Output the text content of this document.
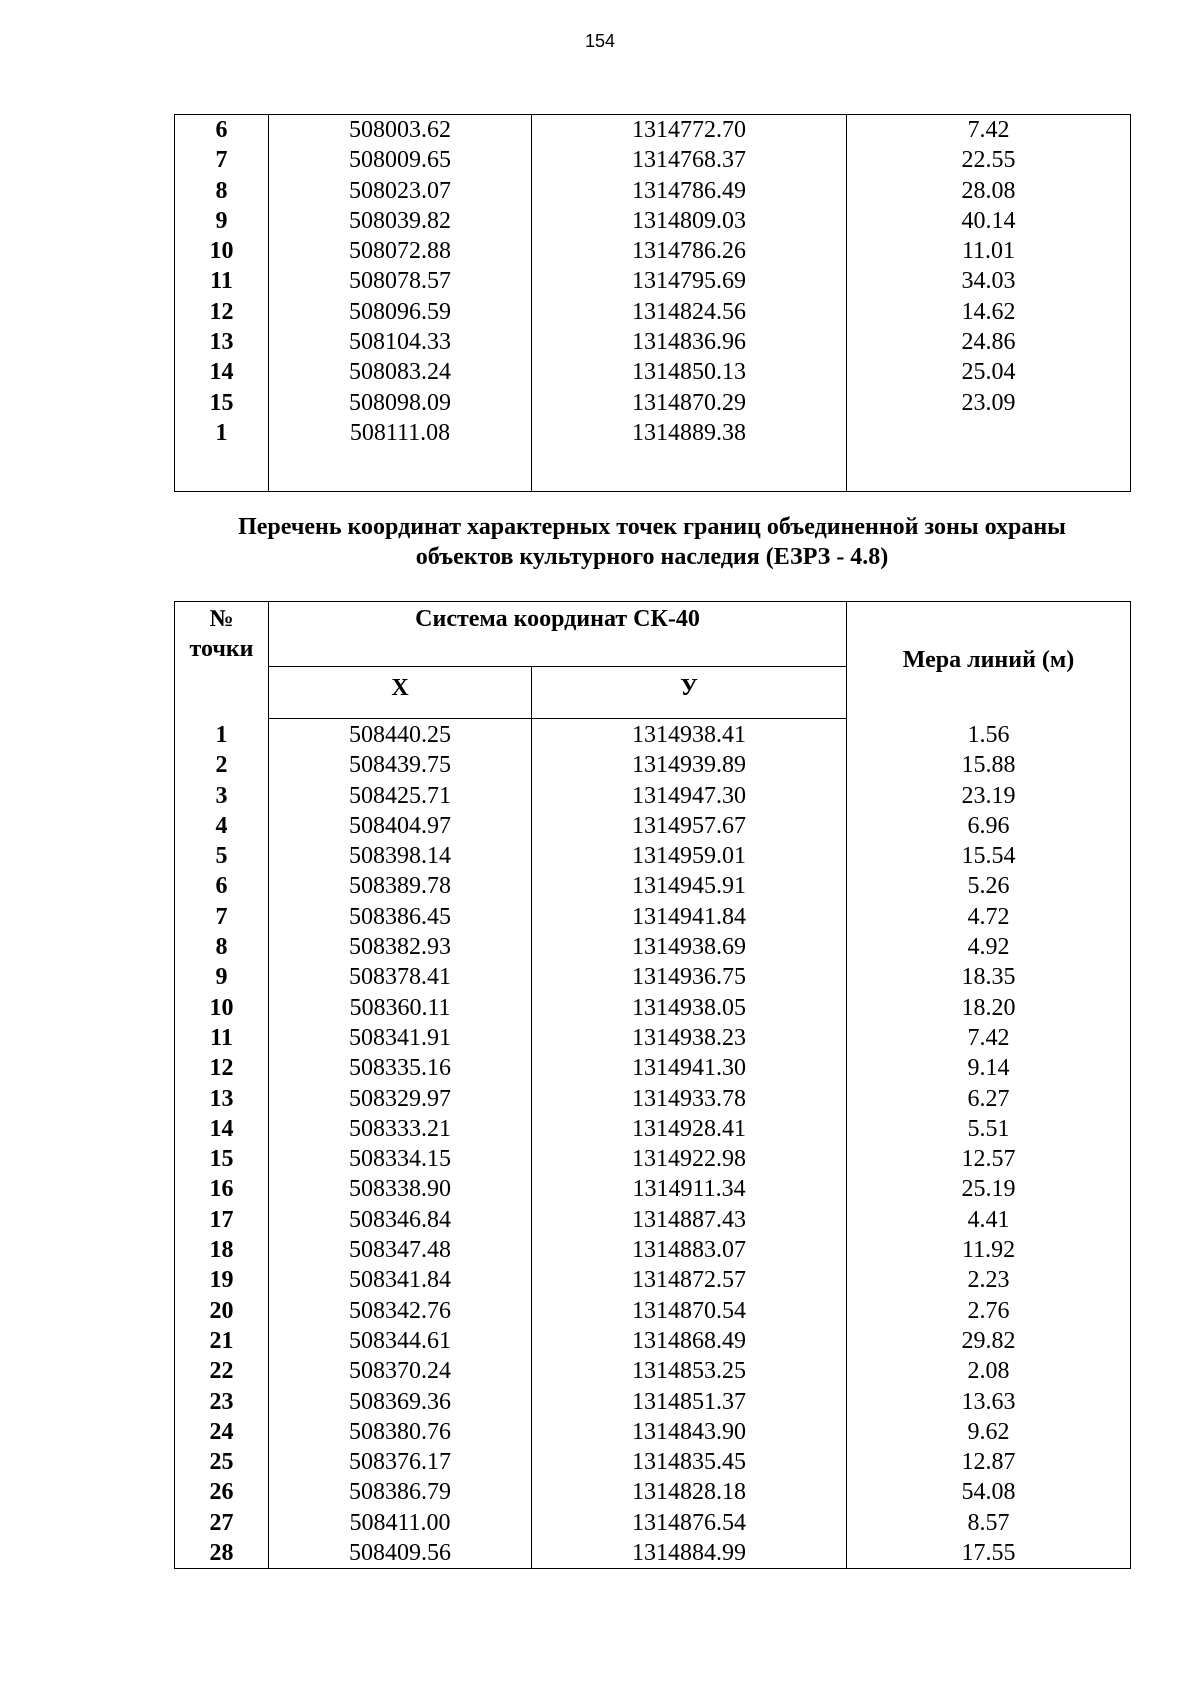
154
6	508003.62	1314772.70	7.42
7	508009.65	1314768.37	22.55
8	508023.07	1314786.49	28.08
9	508039.82	1314809.03	40.14
10	508072.88	1314786.26	11.01
11	508078.57	1314795.69	34.03
12	508096.59	1314824.56	14.62
13	508104.33	1314836.96	24.86
14	508083.24	1314850.13	25.04
15	508098.09	1314870.29	23.09
1	508111.08	1314889.38	

Перечень координат характерных точек границ объединенной зоны охраны
объектов культурного наследия (ЕЗРЗ - 4.8)
№
точки	Система координат СК-40		Мера линий (м)
	X	У	
1	508440.25	1314938.41	1.56
2	508439.75	1314939.89	15.88
3	508425.71	1314947.30	23.19
4	508404.97	1314957.67	6.96
5	508398.14	1314959.01	15.54
6	508389.78	1314945.91	5.26
7	508386.45	1314941.84	4.72
8	508382.93	1314938.69	4.92
9	508378.41	1314936.75	18.35
10	508360.11	1314938.05	18.20
11	508341.91	1314938.23	7.42
12	508335.16	1314941.30	9.14
13	508329.97	1314933.78	6.27
14	508333.21	1314928.41	5.51
15	508334.15	1314922.98	12.57
16	508338.90	1314911.34	25.19
17	508346.84	1314887.43	4.41
18	508347.48	1314883.07	11.92
19	508341.84	1314872.57	2.23
20	508342.76	1314870.54	2.76
21	508344.61	1314868.49	29.82
22	508370.24	1314853.25	2.08
23	508369.36	1314851.37	13.63
24	508380.76	1314843.90	9.62
25	508376.17	1314835.45	12.87
26	508386.79	1314828.18	54.08
27	508411.00	1314876.54	8.57
28	508409.56	1314884.99	17.55
